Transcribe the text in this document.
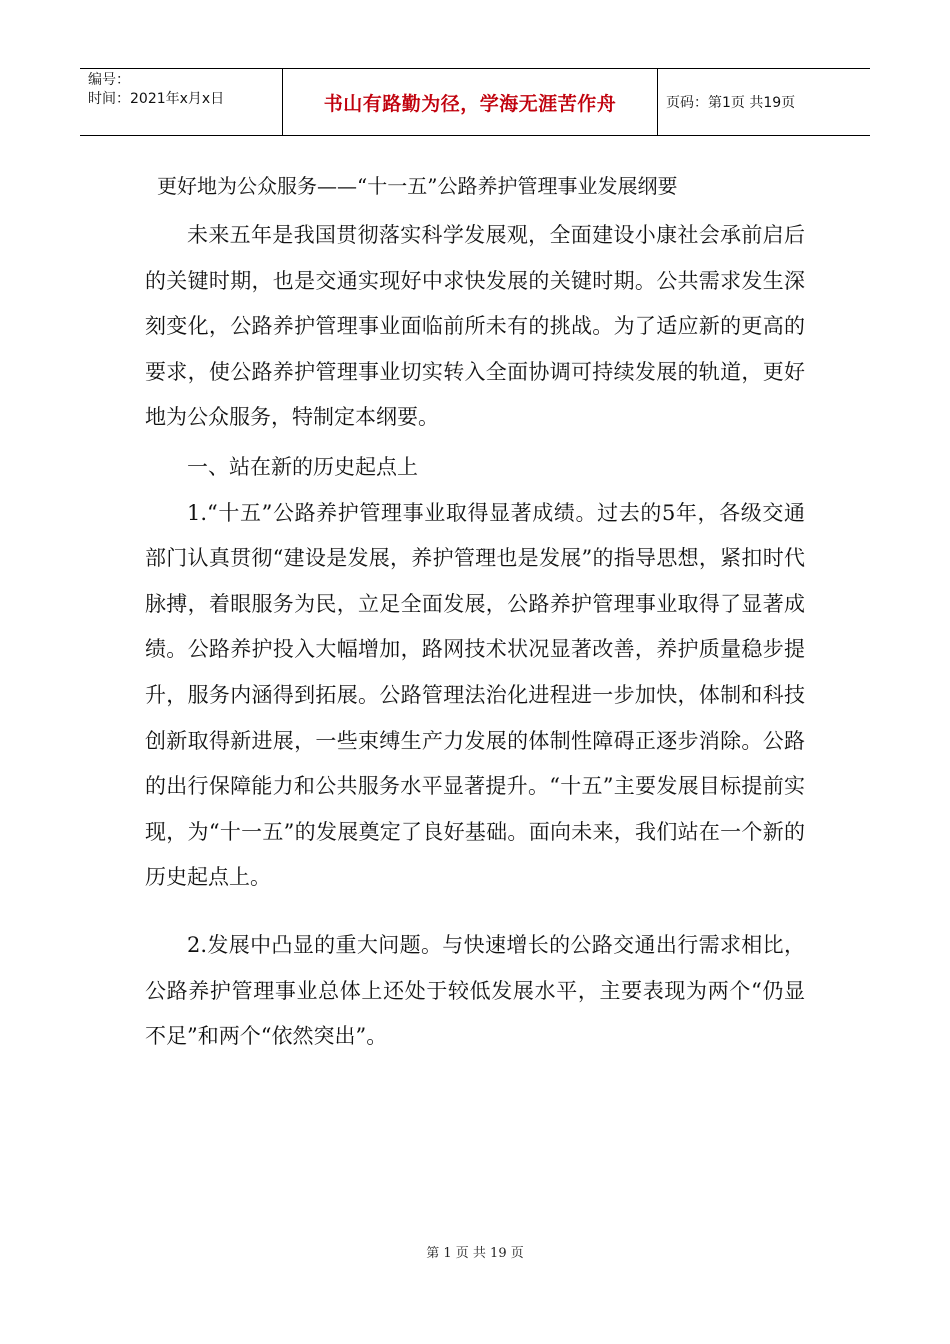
编号：
时间：2021年x月x日	书山有路勤为径，学海无涯苦作舟	页码：第1页 共19页
更好地为公众服务——“十一五”公路养护管理事业发展纲要

未来五年是我国贯彻落实科学发展观，全面建设小康社会承前启后的关键时期，也是交通实现好中求快发展的关键时期。公共需求发生深刻变化，公路养护管理事业面临前所未有的挑战。为了适应新的更高的要求，使公路养护管理事业切实转入全面协调可持续发展的轨道，更好地为公众服务，特制定本纲要。

一、站在新的历史起点上

1.“十五”公路养护管理事业取得显著成绩。过去的5年，各级交通部门认真贯彻“建设是发展，养护管理也是发展”的指导思想，紧扣时代脉搏，着眼服务为民，立足全面发展，公路养护管理事业取得了显著成绩。公路养护投入大幅增加，路网技术状况显著改善，养护质量稳步提升，服务内涵得到拓展。公路管理法治化进程进一步加快，体制和科技创新取得新进展，一些束缚生产力发展的体制性障碍正逐步消除。公路的出行保障能力和公共服务水平显著提升。“十五”主要发展目标提前实现，为“十一五”的发展奠定了良好基础。面向未来，我们站在一个新的历史起点上。

2.发展中凸显的重大问题。与快速增长的公路交通出行需求相比，公路养护管理事业总体上还处于较低发展水平，主要表现为两个“仍显不足”和两个“依然突出”。

第 1 页 共 19 页
